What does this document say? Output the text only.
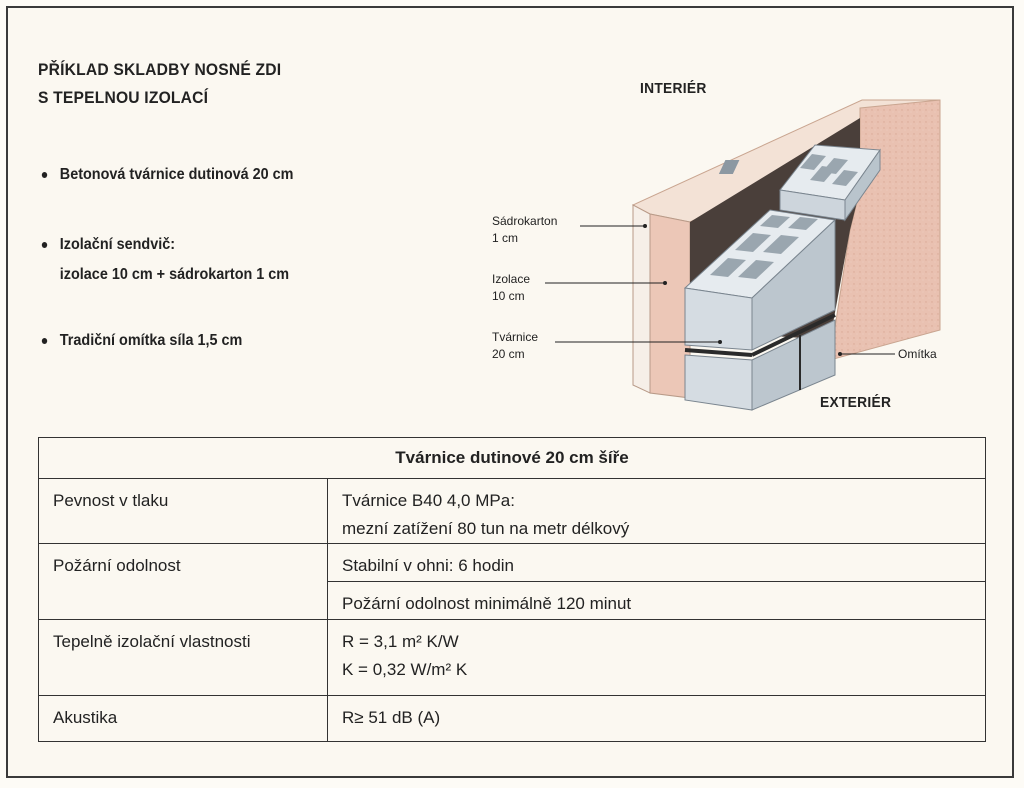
PŘÍKLAD SKLADBY NOSNÉ ZDI
S TEPELNOU IZOLACÍ
Betonová tvárnice dutinová 20 cm
Izolační sendvič:
izolace 10 cm + sádrokarton 1 cm
Tradiční omítka síla 1,5 cm
INTERIÉR
EXTERIÉR
Sádrokarton
1 cm
Izolace
10 cm
Tvárnice
20 cm	Omítka
Tvárnice dutinové 20 cm šíře	

Pevnost v tlaku	Tvárnice B40 4,0 MPa:
mezní zatížení 80 tun na metr délkový

Požární odolnost	Stabilní v ohni: 6 hodin

	Požární odolnost minimálně 120 minut

Tepelně izolační vlastnosti	R = 3,1 m² K/W
K = 0,32 W/m² K

Akustika	R≥ 51 dB (A)
